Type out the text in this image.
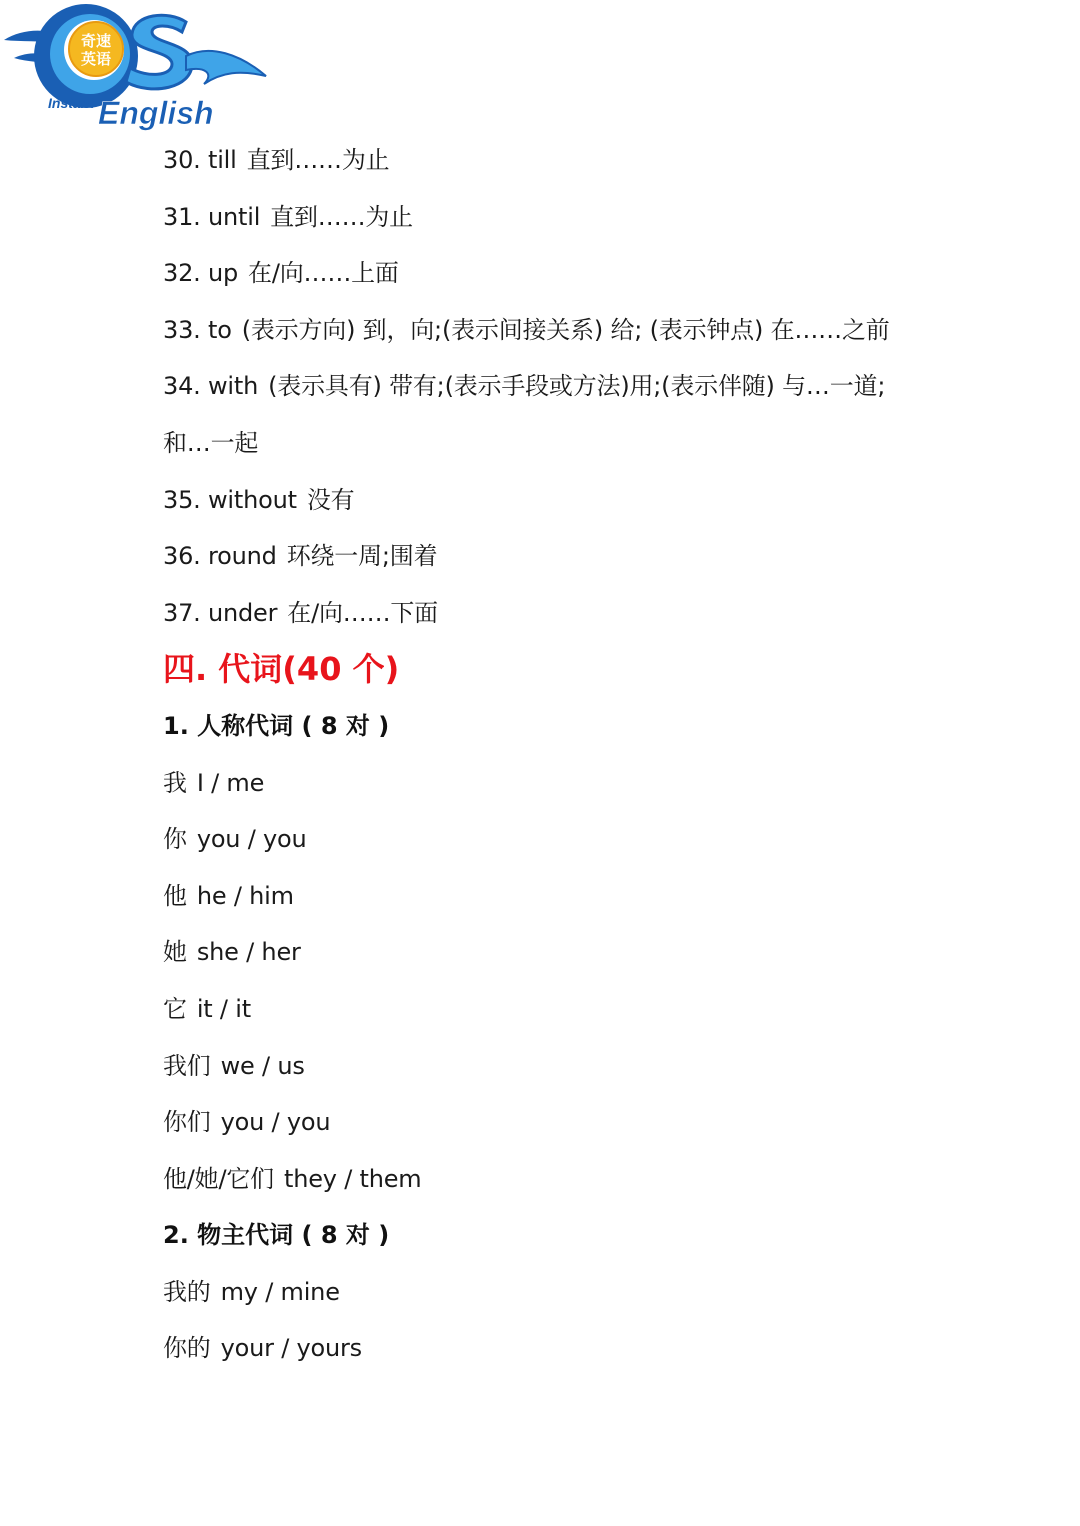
奇速
英语
Instant English
30. till 直到……为止
31. until 直到……为止
32. up 在/向……上面
33. to (表示方向) 到，向;(表示间接关系) 给; (表示钟点) 在……之前
34. with (表示具有) 带有;(表示手段或方法)用;(表示伴随) 与…一道;
和…一起
35. without 没有
36. round 环绕一周;围着
37. under 在/向……下面
四. 代词(40 个)
1. 人称代词 ( 8 对 )
我 I / me
你 you / you
他 he / him
她 she / her
它 it / it
我们 we / us
你们 you / you
他/她/它们 they / them
2. 物主代词 ( 8 对 )
我的 my / mine
你的 your / yours
